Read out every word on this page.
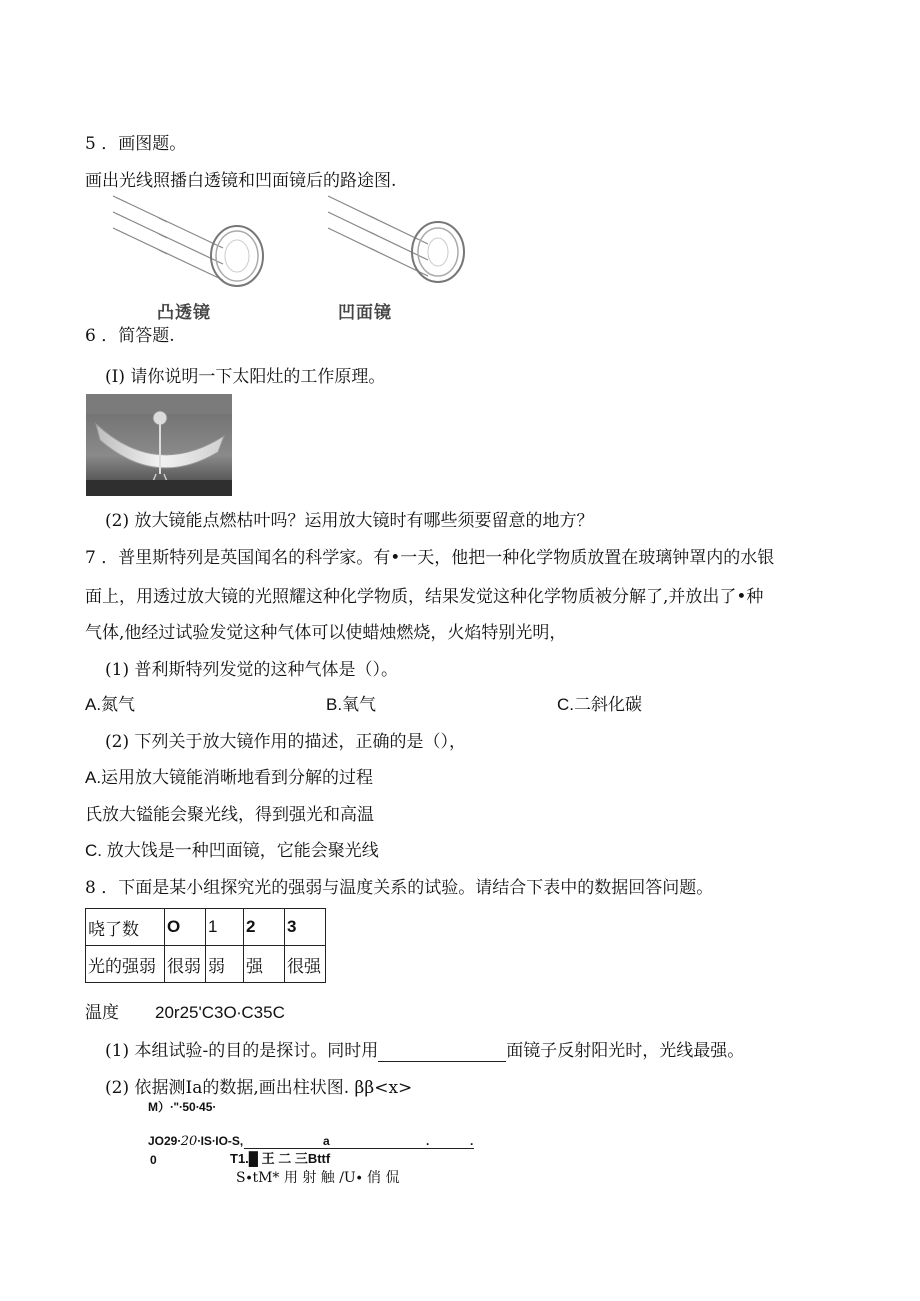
5 ．画图题。
画出光线照播白透镜和凹面镜后的路途图.
凸透镜	凹面镜
6 ．简答题.
(I) 请你说明一下太阳灶的工作原理。
(2) 放大镜能点燃枯叶吗？运用放大镜时有哪些须要留意的地方？
7 ．普里斯特列是英国闻名的科学家。有•一天，他把一种化学物质放置在玻璃钟罩内的水银
面上，用透过放大镜的光照耀这种化学物质，结果发觉这种化学物质被分解了,并放出了•种
气体,他经过试验发觉这种气体可以使蜡烛燃烧，火焰特别光明，
(1) 普利斯特列发觉的这种气体是（）。
A.氮气	B.氧气	C.二斜化碳
(2) 下列关于放大镜作用的描述，正确的是（），
A.运用放大镜能消晰地看到分解的过程
氏放大镒能会聚光线，得到强光和高温
C. 放大饯是一种凹面镜，它能会聚光线
8 ．下面是某小组探究光的强弱与温度关系的试验。请结合下表中的数据回答问题。
哓了数	O	1	2	3
光的强弱	很弱	弱	强	很强
温度 20r25'C3O∙C35C
(1) 本组试验-的目的是探讨。同时用	面镜子反射阳光时，光线最强。
(2) 依据测Ia的数据,画出柱状图. ββ<x>
M）∙"∙50∙45∙
JO29∙20∙IS∙IO-S,	a	.	.
0	T1.█ 王 二 三Bttf
S∙tM* 用 射 触 /U∙ 俏 侃
